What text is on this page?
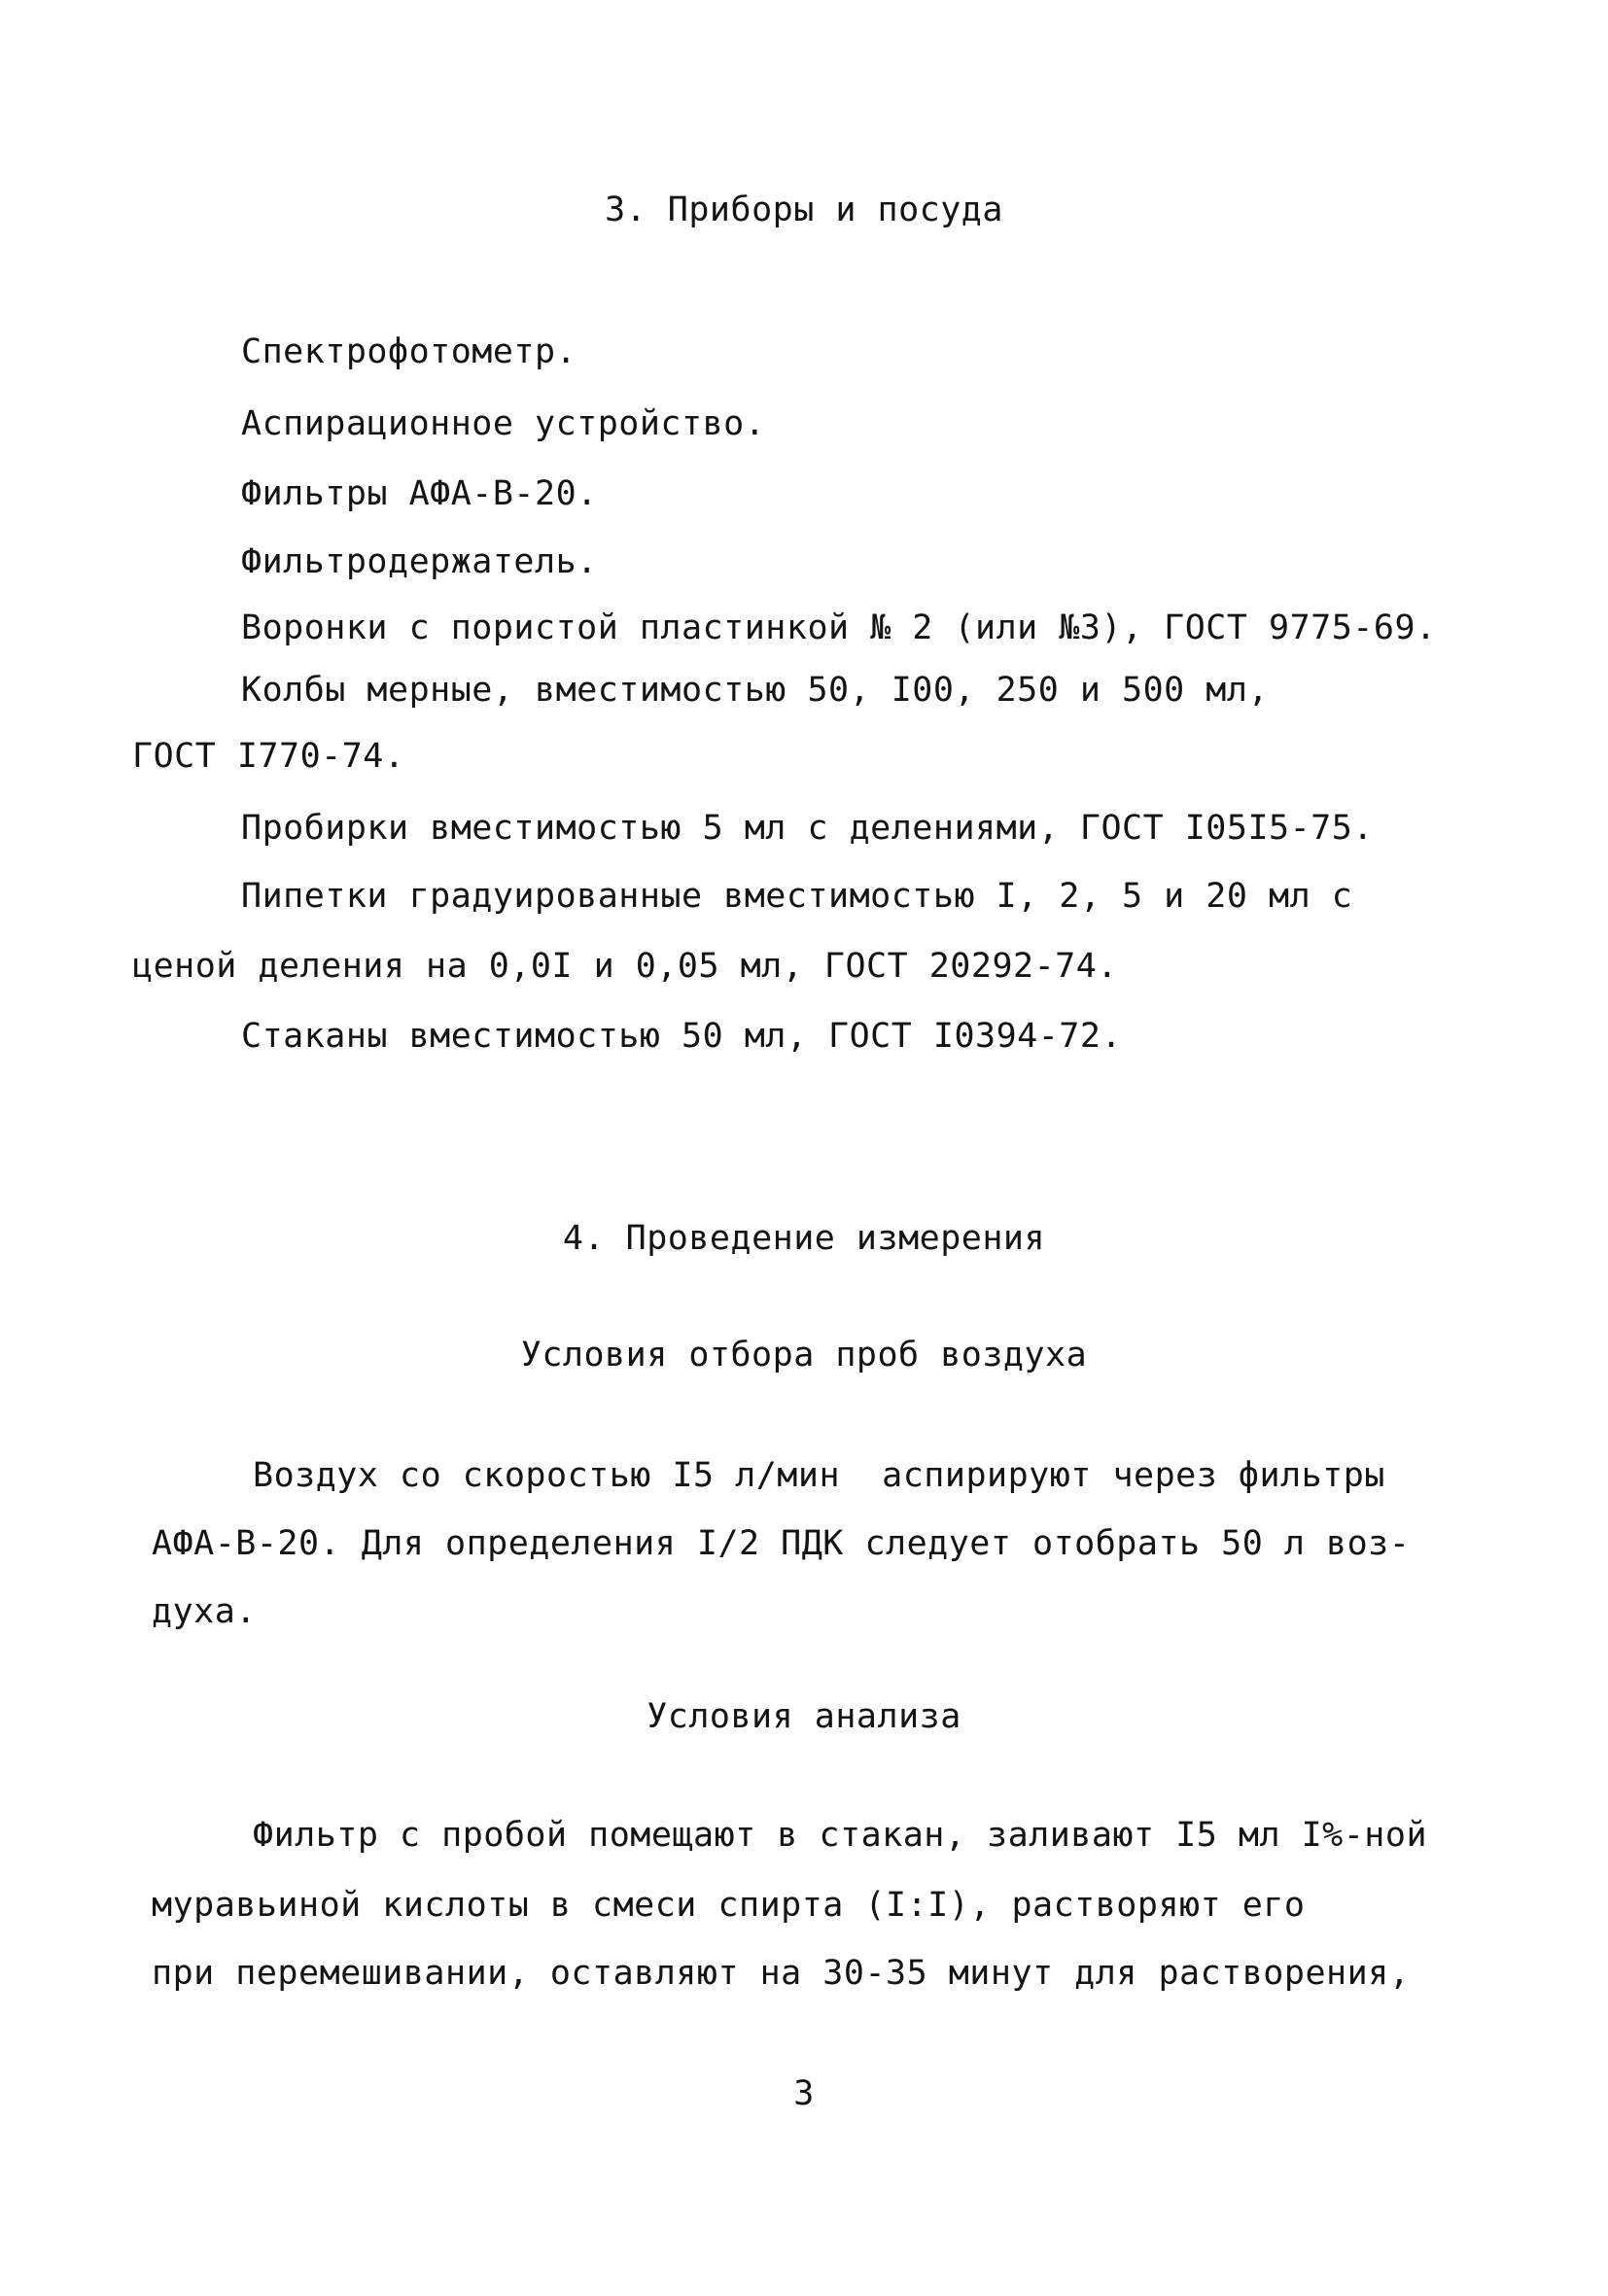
3. Приборы и посуда
Спектрофотометр.
Аспирационное устройство.
Фильтры АФА-В-20.
Фильтродержатель.
Воронки с пористой пластинкой № 2 (или №3), ГОСТ 9775-69.
Колбы мерные, вместимостью 50, I00, 250 и 500 мл,
ГОСТ I770-74.
Пробирки вместимостью 5 мл с делениями, ГОСТ I05I5-75.
Пипетки градуированные вместимостью I, 2, 5 и 20 мл с
ценой деления на 0,0I и 0,05 мл, ГОСТ 20292-74.
Стаканы вместимостью 50 мл, ГОСТ I0394-72.
4. Проведение измерения
Условия отбора проб воздуха
Воздух со скоростью I5 л/мин  аспирируют через фильтры
АФА-В-20. Для определения I/2 ПДК следует отобрать 50 л воз-
духа.
Условия анализа
Фильтр с пробой помещают в стакан, заливают I5 мл I%-ной
муравьиной кислоты в смеси спирта (I:I), растворяют его
при перемешивании, оставляют на 30-35 минут для растворения,
3
